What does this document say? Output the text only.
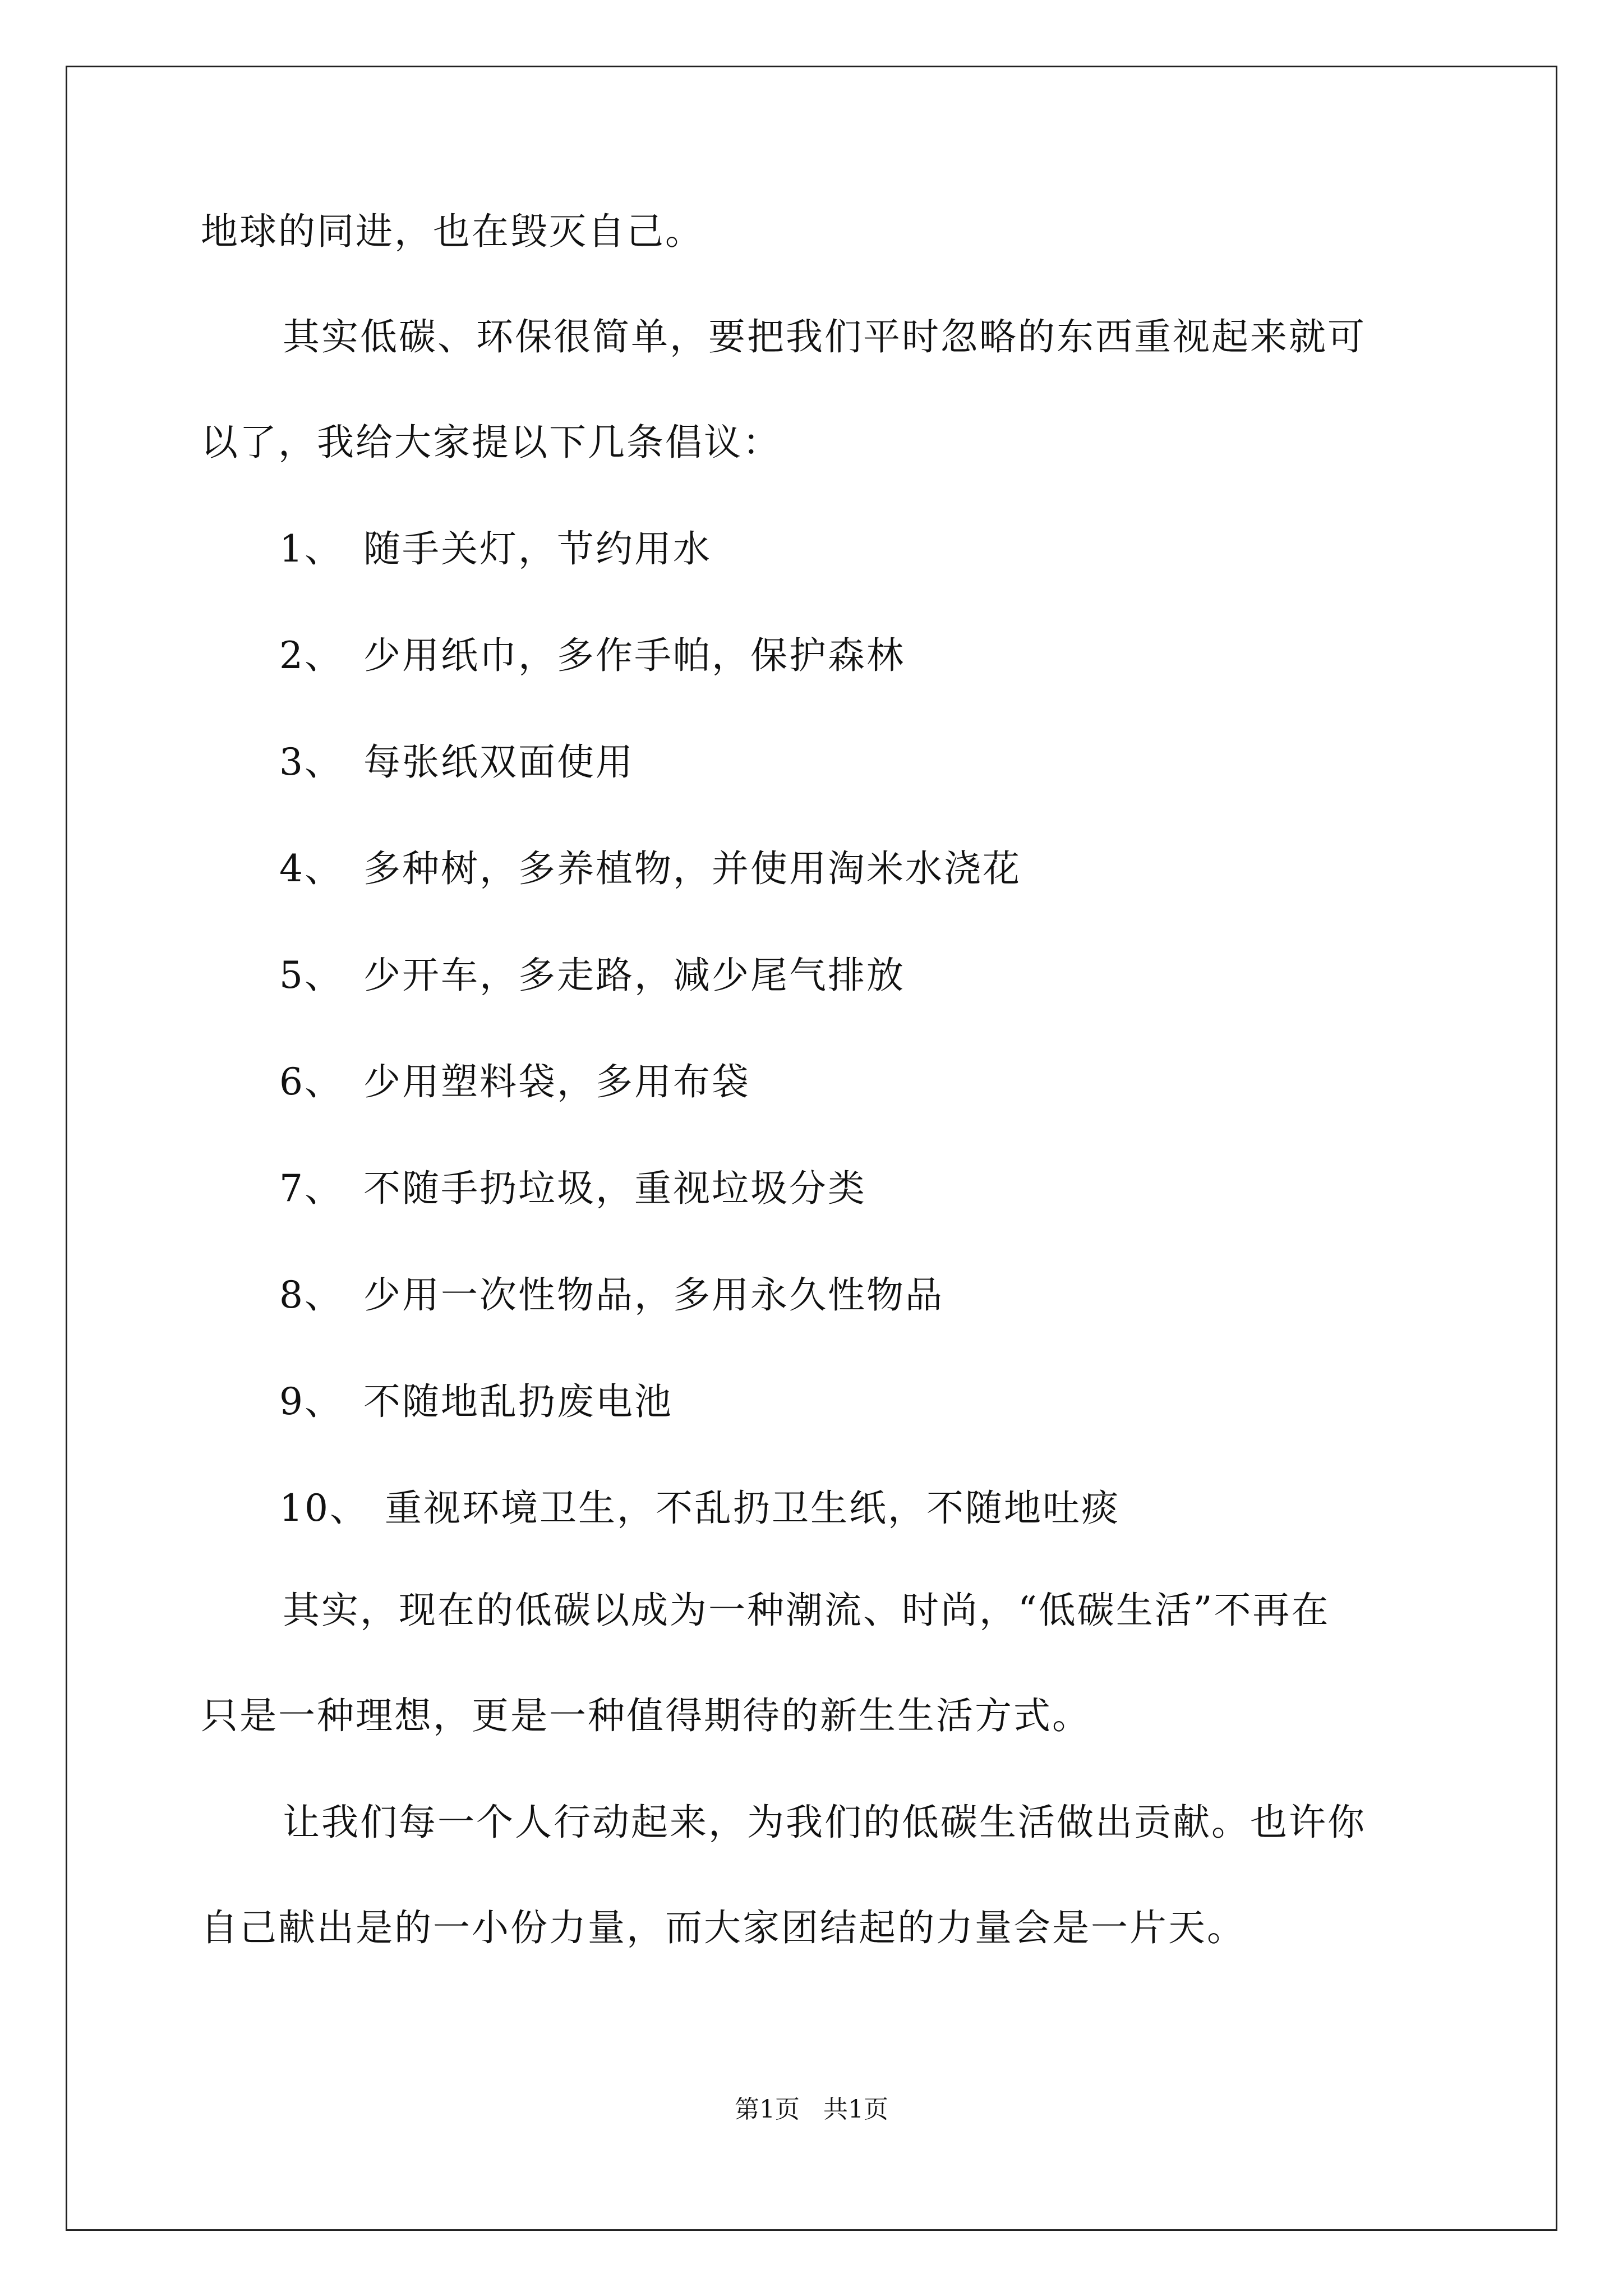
地球的同进，也在毁灭自己。
其实低碳、环保很简单，要把我们平时忽略的东西重视起来就可
以了，我给大家提以下几条倡议：
1、 随手关灯，节约用水
2、 少用纸巾，多作手帕，保护森林
3、 每张纸双面使用
4、 多种树，多养植物，并使用淘米水浇花
5、 少开车，多走路，减少尾气排放
6、 少用塑料袋，多用布袋
7、 不随手扔垃圾，重视垃圾分类
8、 少用一次性物品，多用永久性物品
9、 不随地乱扔废电池
10、 重视环境卫生，不乱扔卫生纸，不随地吐痰
其实，现在的低碳以成为一种潮流、时尚，“低碳生活”不再在
只是一种理想，更是一种值得期待的新生生活方式。
让我们每一个人行动起来，为我们的低碳生活做出贡献。也许你
自己献出是的一小份力量，而大家团结起的力量会是一片天。
第1页   共1页
